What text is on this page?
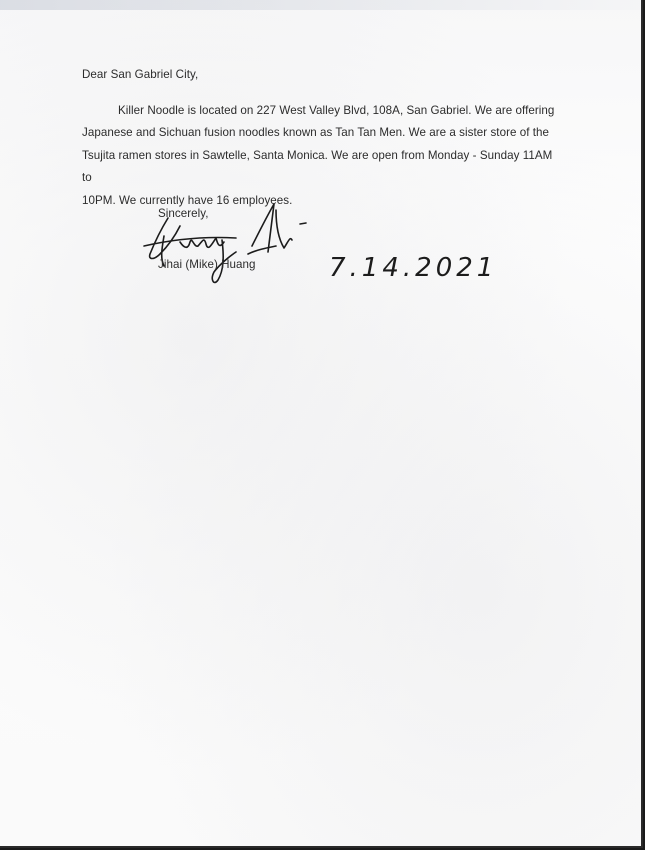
Dear San Gabriel City,
Killer Noodle is located on 227 West Valley Blvd, 108A, San Gabriel. We are offering
Japanese and Sichuan fusion noodles known as Tan Tan Men. We are a sister store of the
Tsujita ramen stores in Sawtelle, Santa Monica. We are open from Monday - Sunday 11AM to
10PM. We currently have 16 employees.
Sincerely,
Jihai (Mike) Huang	7.14.2021
